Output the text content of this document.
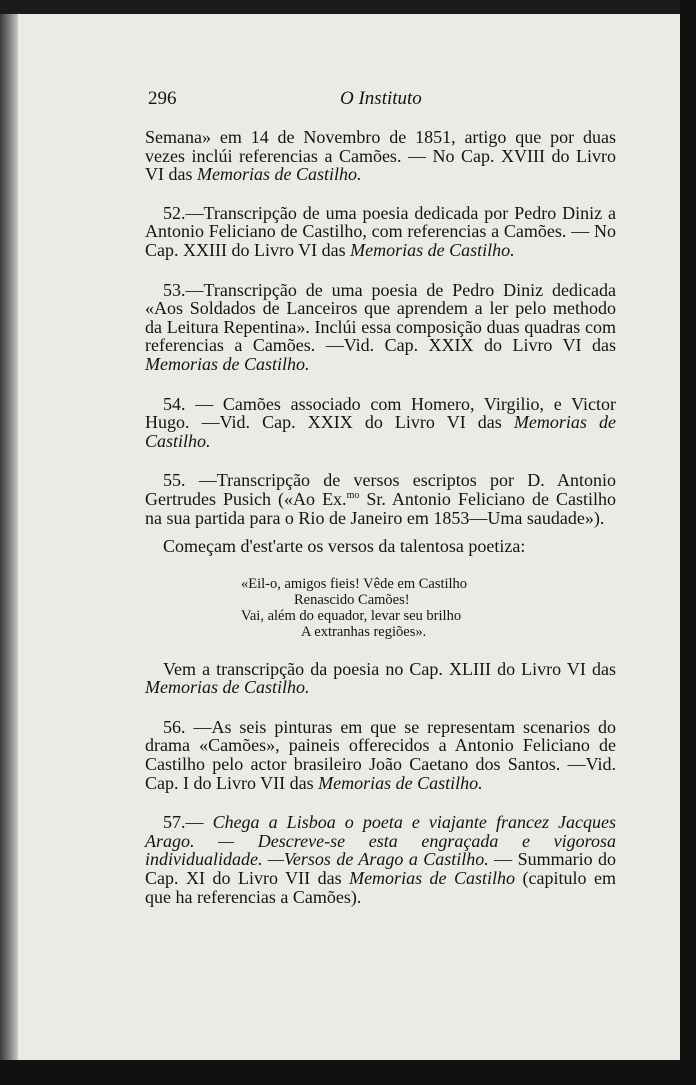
296	O Instituto

Semana» em 14 de Novembro de 1851, artigo que por duas vezes inclúi referencias a Camões. — No Cap. XVIII do Livro VI das Memorias de Castilho.

52.—Transcripção de uma poesia dedicada por Pedro Diniz a Antonio Feliciano de Castilho, com referencias a Camões. — No Cap. XXIII do Livro VI das Memorias de Castilho.

53.—Transcripção de uma poesia de Pedro Diniz dedicada «Aos Soldados de Lanceiros que aprendem a ler pelo methodo da Leitura Repentina». Inclúi essa composição duas quadras com referencias a Camões. —Vid. Cap. XXIX do Livro VI das Memorias de Castilho.

54. — Camões associado com Homero, Virgilio, e Victor Hugo. —Vid. Cap. XXIX do Livro VI das Memorias de Castilho.

55. —Transcripção de versos escriptos por D. Antonio Gertrudes Pusich («Ao Ex.$^{mo}$ Sr. Antonio Feliciano de Castilho na sua partida para o Rio de Janeiro em 1853—Uma saudade»).

Começam d'est'arte os versos da talentosa poetiza:

«Eil-o, amigos fieis! Vêde em Castilho
Renascido Camões!
Vai, além do equador, levar seu brilho
A extranhas regiões».

Vem a transcripção da poesia no Cap. XLIII do Livro VI das Memorias de Castilho.

56. —As seis pinturas em que se representam scenarios do drama «Camões», paineis offerecidos a Antonio Feliciano de Castilho pelo actor brasileiro João Caetano dos Santos. —Vid. Cap. I do Livro VII das Memorias de Castilho.

57.— Chega a Lisboa o poeta e viajante francez Jacques Arago. — Descreve-se esta engraçada e vigorosa individualidade. —Versos de Arago a Castilho. — Summario do Cap. XI do Livro VII das Memorias de Castilho (capitulo em que ha referencias a Camões).
